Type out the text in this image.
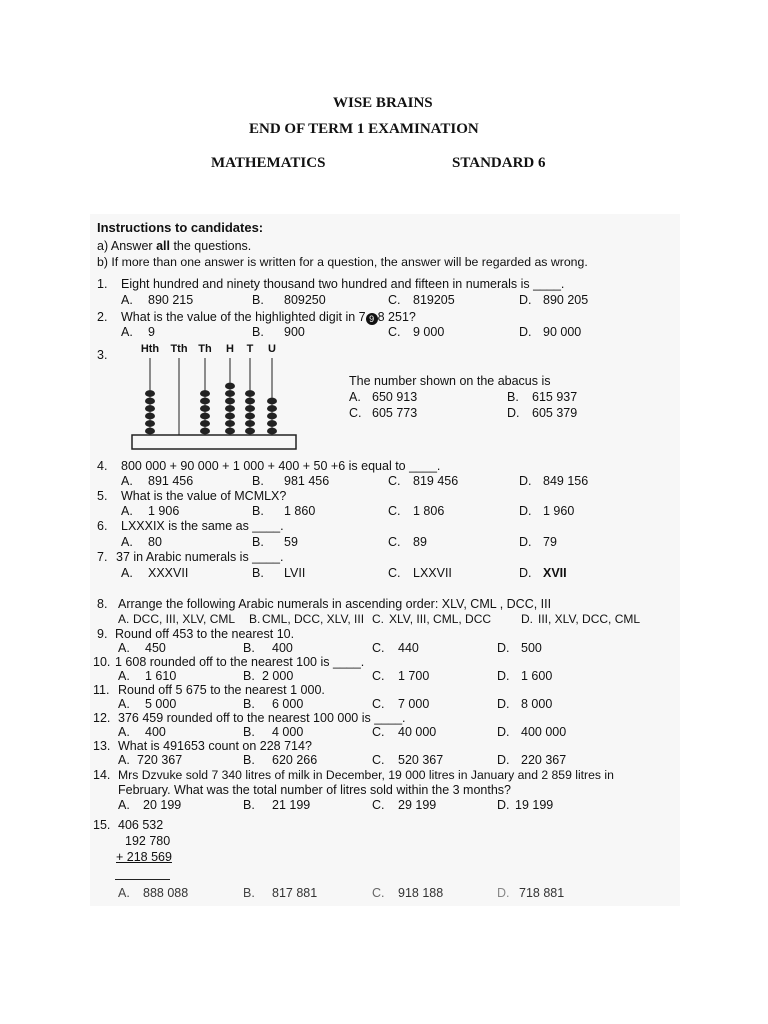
WISE BRAINS
END OF TERM 1 EXAMINATION
MATHEMATICS	STANDARD 6
Instructions to candidates:
a) Answer all the questions.
b) If more than one answer is written for a question, the answer will be regarded as wrong.
1. Eight hundred and ninety thousand two hundred and fifteen in numerals is ____.
A. 890 215	B. 809250	C. 819205	D. 890 205
2. What is the value of the highlighted digit in 7 9 8 251?
A. 9	B. 900	C. 9 000	D. 90 000
3.	Hth Tth Th H T U
The number shown on the abacus is
A. 650 913	B. 615 937
C. 605 773	D. 605 379
4. 800 000 + 90 000 + 1 000 + 400 + 50 +6 is equal to ____.
A. 891 456	B. 981 456	C. 819 456	D. 849 156
5. What is the value of MCMLX?
A. 1 906	B. 1 860	C. 1 806	D. 1 960
6. LXXXIX is the same as ____.
A. 80	B. 59	C. 89	D. 79
7. 37 in Arabic numerals is ____.
A. XXXVII	B. LVII	C. LXXVII	D. XVII
8. Arrange the following Arabic numerals in ascending order: XLV, CML , DCC, III
A. DCC, III, XLV, CML B. CML, DCC, XLV, III C. XLV, III, CML, DCC D. III, XLV, DCC, CML
9. Round off 453 to the nearest 10.
A. 450	B. 400	C. 440	D. 500
10. 1 608 rounded off to the nearest 100 is ____.
A. 1 610	B. 2 000	C. 1 700	D. 1 600
11. Round off 5 675 to the nearest 1 000.
A. 5 000	B. 6 000	C. 7 000	D. 8 000
12. 376 459 rounded off to the nearest 100 000 is ____.
A. 400	B. 4 000	C. 40 000	D. 400 000
13. What is 491653 count on 228 714?
A. 720 367	B. 620 266	C. 520 367	D. 220 367
14. Mrs Dzvuke sold 7 340 litres of milk in December, 19 000 litres in January and 2 859 litres in
February. What was the total number of litres sold within the 3 months?
A. 20 199	B. 21 199	C. 29 199	D. 19 199
15. 406 532
192 780
+ 218 569
A. 888 088	B. 817 881	C. 918 188	D. 718 881
